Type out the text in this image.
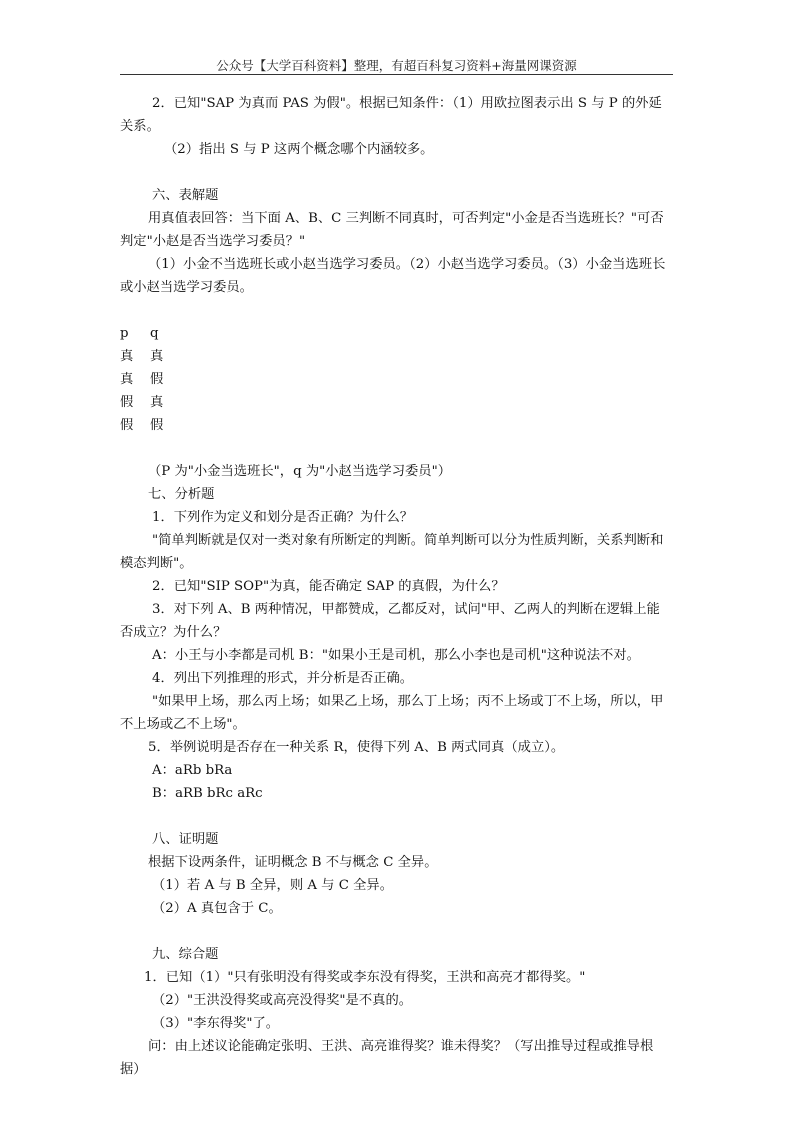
公众号【大学百科资料】整理，有超百科复习资料+海量网课资源

2．已知"SAP 为真而 PAS 为假"。根据已知条件：（1）用欧拉图表示出 S 与 P 的外延关系。

（2）指出 S 与 P 这两个概念哪个内涵较多。

六、表解题

用真值表回答：当下面 A、B、C 三判断不同真时，可否判定"小金是否当选班长？"可否判定"小赵是否当选学习委员？"

（1）小金不当选班长或小赵当选学习委员。（2）小赵当选学习委员。（3）小金当选班长或小赵当选学习委员。

p q

真 真

真 假

假 真

假 假

（P 为"小金当选班长"，q 为"小赵当选学习委员"）

七、分析题

1．下列作为定义和划分是否正确？为什么？

"简单判断就是仅对一类对象有所断定的判断。简单判断可以分为性质判断，关系判断和模态判断"。

2．已知"SIP SOP"为真，能否确定 SAP 的真假，为什么？

3．对下列 A、B 两种情况，甲都赞成，乙都反对，试问"甲、乙两人的判断在逻辑上能否成立？为什么？

A：小王与小李都是司机 B："如果小王是司机，那么小李也是司机"这种说法不对。

4．列出下列推理的形式，并分析是否正确。

"如果甲上场，那么丙上场；如果乙上场，那么丁上场；丙不上场或丁不上场，所以，甲不上场或乙不上场"。

5．举例说明是否存在一种关系 R，使得下列 A、B 两式同真（成立）。

A：aRb bRa

B：aRB bRc aRc

八、证明题

根据下设两条件，证明概念 B 不与概念 C 全异。

（1）若 A 与 B 全异，则 A 与 C 全异。

（2）A 真包含于 C。

九、综合题

1．已知（1）"只有张明没有得奖或李东没有得奖，王洪和高亮才都得奖。"

（2）"王洪没得奖或高亮没得奖"是不真的。

（3）"李东得奖"了。

问：由上述议论能确定张明、王洪、高亮谁得奖？谁未得奖？（写出推导过程或推导根据）
